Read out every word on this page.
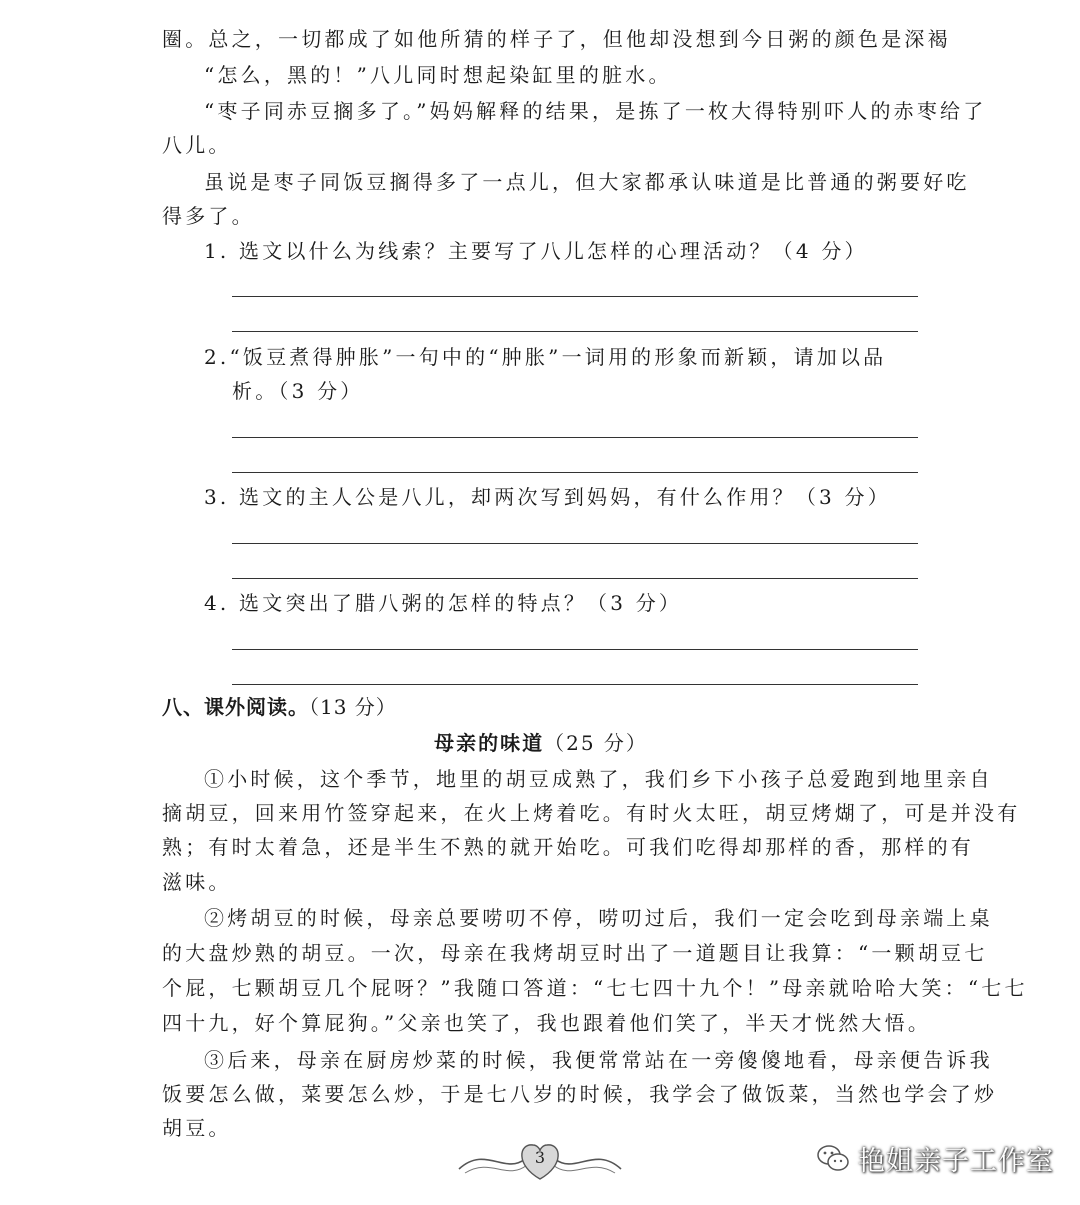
圈。总之，一切都成了如他所猜的样子了，但他却没想到今日粥的颜色是深褐

“怎么，黑的！”八儿同时想起染缸里的脏水。

“枣子同赤豆搁多了。”妈妈解释的结果，是拣了一枚大得特别吓人的赤枣给了

八儿。

虽说是枣子同饭豆搁得多了一点儿，但大家都承认味道是比普通的粥要好吃

得多了。

1. 选文以什么为线索？主要写了八儿怎样的心理活动？（4 分）

2.“饭豆煮得肿胀”一句中的“肿胀”一词用的形象而新颖，请加以品

析。（3 分）

3. 选文的主人公是八儿，却两次写到妈妈，有什么作用？（3 分）

4. 选文突出了腊八粥的怎样的特点？（3 分）

八、课外阅读。（13 分）

母亲的味道（25 分）

①小时候，这个季节，地里的胡豆成熟了，我们乡下小孩子总爱跑到地里亲自

摘胡豆，回来用竹签穿起来，在火上烤着吃。有时火太旺，胡豆烤煳了，可是并没有

熟；有时太着急，还是半生不熟的就开始吃。可我们吃得却那样的香，那样的有

滋味。

②烤胡豆的时候，母亲总要唠叨不停，唠叨过后，我们一定会吃到母亲端上桌

的大盘炒熟的胡豆。一次，母亲在我烤胡豆时出了一道题目让我算：“一颗胡豆七

个屁，七颗胡豆几个屁呀？”我随口答道：“七七四十九个！”母亲就哈哈大笑：“七七

四十九，好个算屁狗。”父亲也笑了，我也跟着他们笑了，半天才恍然大悟。

③后来，母亲在厨房炒菜的时候，我便常常站在一旁傻傻地看，母亲便告诉我

饭要怎么做，菜要怎么炒，于是七八岁的时候，我学会了做饭菜，当然也学会了炒

胡豆。

3	艳姐亲子工作室
